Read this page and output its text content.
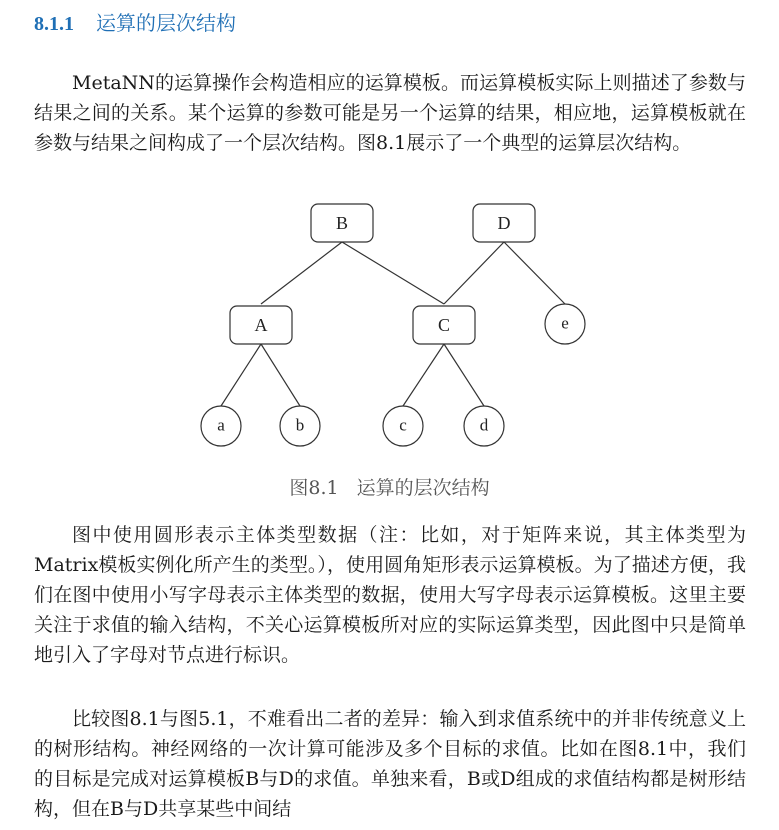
8.1.1 运算的层次结构

MetaNN的运算操作会构造相应的运算模板。而运算模板实际上则描述了参数与结果之间的关系。某个运算的参数可能是另一个运算的结果，相应地，运算模板就在参数与结果之间构成了一个层次结构。图8.1展示了一个典型的运算层次结构。

B	D
A	C	e
a	b	c	d
图8.1 运算的层次结构

图中使用圆形表示主体类型数据（注：比如，对于矩阵来说，其主体类型为Matrix模板实例化所产生的类型。），使用圆角矩形表示运算模板。为了描述方便，我们在图中使用小写字母表示主体类型的数据，使用大写字母表示运算模板。这里主要关注于求值的输入结构，不关心运算模板所对应的实际运算类型，因此图中只是简单地引入了字母对节点进行标识。

比较图8.1与图5.1，不难看出二者的差异：输入到求值系统中的并非传统意义上的树形结构。神经网络的一次计算可能涉及多个目标的求值。比如在图8.1中，我们的目标是完成对运算模板B与D的求值。单独来看，B或D组成的求值结构都是树形结构，但在B与D共享某些中间结
